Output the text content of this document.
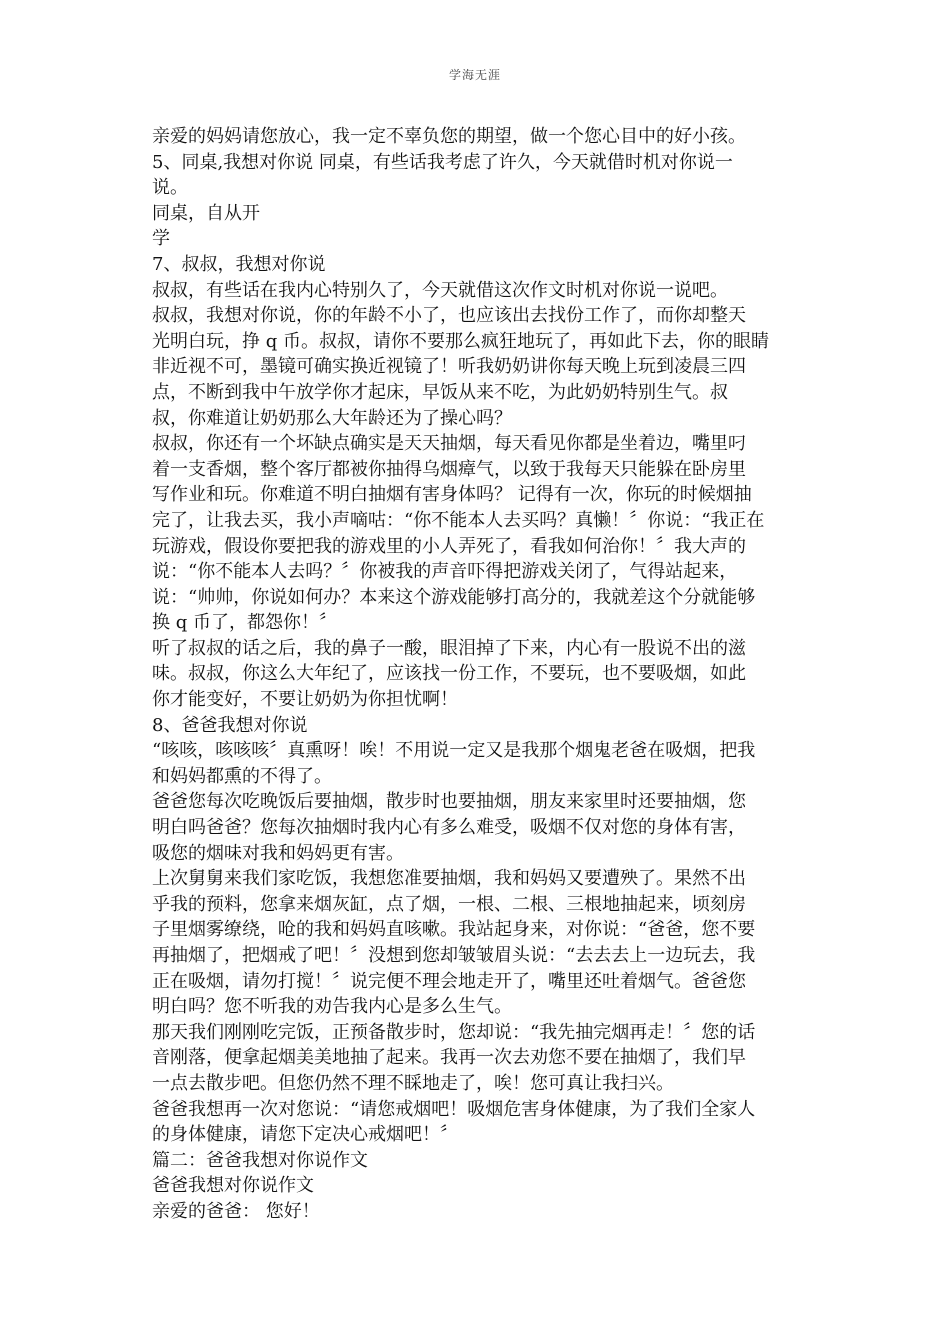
学海无涯
亲爱的妈妈请您放心，我一定不辜负您的期望，做一个您心目中的好小孩。
5、同桌,我想对你说 同桌，有些话我考虑了许久，今天就借时机对你说一
说。
同桌，自从开
学
7、叔叔，我想对你说
叔叔，有些话在我内心特别久了，今天就借这次作文时机对你说一说吧。
叔叔，我想对你说，你的年龄不小了，也应该出去找份工作了，而你却整天
光明白玩，挣 q 币。叔叔，请你不要那么疯狂地玩了，再如此下去，你的眼睛
非近视不可，墨镜可确实换近视镜了！听我奶奶讲你每天晚上玩到凌晨三四
点，不断到我中午放学你才起床，早饭从来不吃，为此奶奶特别生气。叔
叔，你难道让奶奶那么大年龄还为了操心吗？
叔叔，你还有一个坏缺点确实是天天抽烟，每天看见你都是坐着边，嘴里叼
着一支香烟，整个客厅都被你抽得乌烟瘴气，以致于我每天只能躲在卧房里
写作业和玩。你难道不明白抽烟有害身体吗？ 记得有一次，你玩的时候烟抽
完了，让我去买，我小声嘀咕：“你不能本人去买吗？真懒！〞你说：“我正在
玩游戏，假设你要把我的游戏里的小人弄死了，看我如何治你！〞我大声的
说：“你不能本人去吗？〞你被我的声音吓得把游戏关闭了，气得站起来，
说：“帅帅，你说如何办？本来这个游戏能够打高分的，我就差这个分就能够
换 q 币了，都怨你！〞
听了叔叔的话之后，我的鼻子一酸，眼泪掉了下来，内心有一股说不出的滋
味。叔叔，你这么大年纪了，应该找一份工作，不要玩，也不要吸烟，如此
你才能变好，不要让奶奶为你担忧啊！
8、爸爸我想对你说
“咳咳，咳咳咳〞真熏呀！唉！不用说一定又是我那个烟鬼老爸在吸烟，把我
和妈妈都熏的不得了。
爸爸您每次吃晚饭后要抽烟，散步时也要抽烟，朋友来家里时还要抽烟，您
明白吗爸爸？您每次抽烟时我内心有多么难受，吸烟不仅对您的身体有害，
吸您的烟味对我和妈妈更有害。
上次舅舅来我们家吃饭，我想您准要抽烟，我和妈妈又要遭殃了。果然不出
乎我的预料，您拿来烟灰缸，点了烟，一根、二根、三根地抽起来，顷刻房
子里烟雾缭绕，呛的我和妈妈直咳嗽。我站起身来，对你说：“爸爸，您不要
再抽烟了，把烟戒了吧！〞没想到您却皱皱眉头说：“去去去上一边玩去，我
正在吸烟，请勿打搅！〞说完便不理会地走开了，嘴里还吐着烟气。爸爸您
明白吗？您不听我的劝告我内心是多么生气。
那天我们刚刚吃完饭，正预备散步时，您却说：“我先抽完烟再走！〞您的话
音刚落，便拿起烟美美地抽了起来。我再一次去劝您不要在抽烟了，我们早
一点去散步吧。但您仍然不理不睬地走了，唉！您可真让我扫兴。
爸爸我想再一次对您说：“请您戒烟吧！吸烟危害身体健康，为了我们全家人
的身体健康，请您下定决心戒烟吧！〞
篇二：爸爸我想对你说作文
爸爸我想对你说作文
亲爱的爸爸： 您好！
